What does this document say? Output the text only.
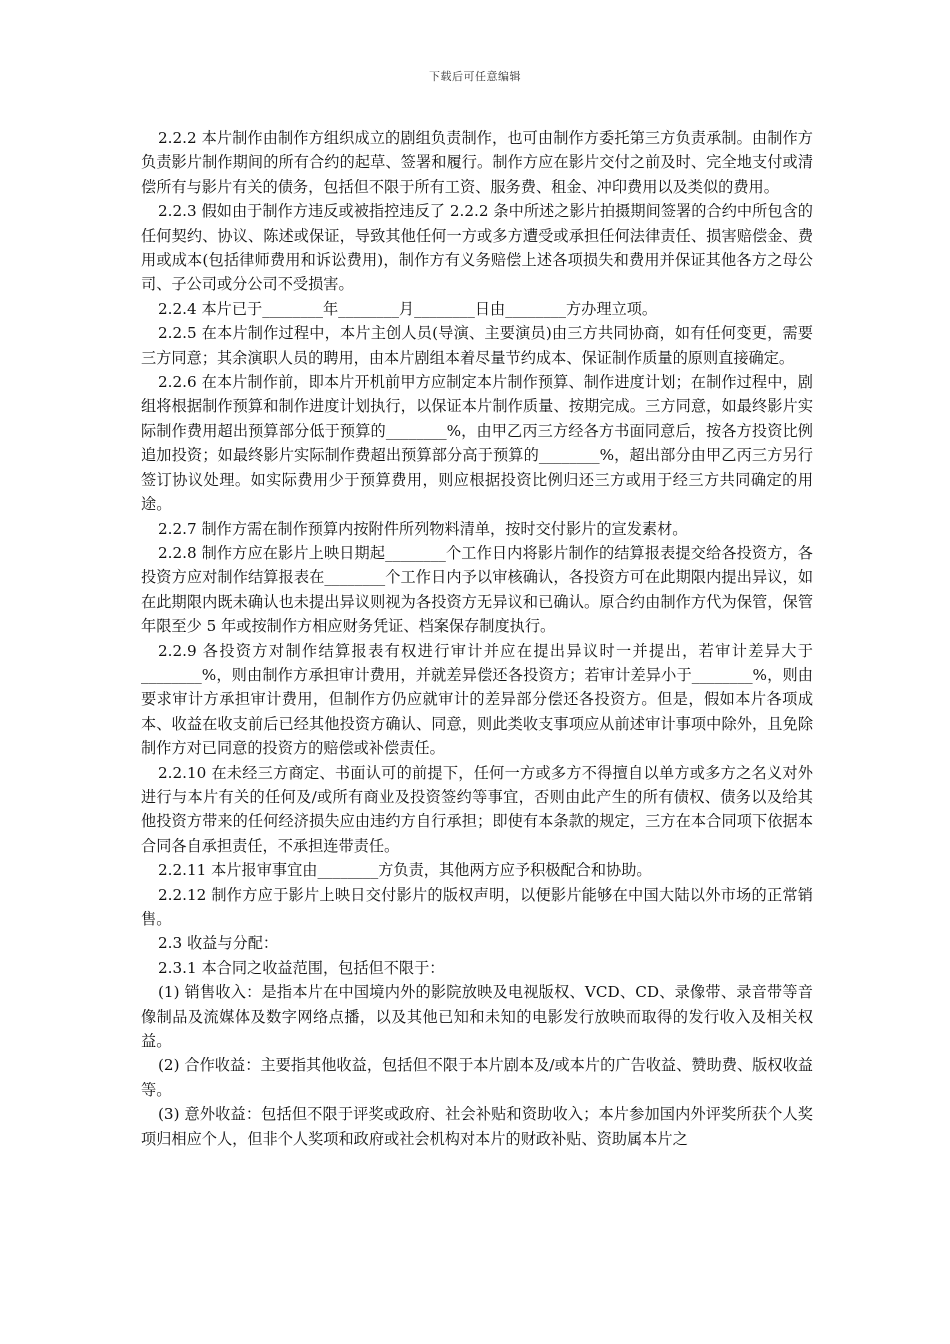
下载后可任意编辑

2.2.2 本片制作由制作方组织成立的剧组负责制作，也可由制作方委托第三方负责承制。由制作方负责影片制作期间的所有合约的起草、签署和履行。制作方应在影片交付之前及时、完全地支付或清偿所有与影片有关的债务，包括但不限于所有工资、服务费、租金、冲印费用以及类似的费用。

2.2.3 假如由于制作方违反或被指控违反了 2.2.2 条中所述之影片拍摄期间签署的合约中所包含的任何契约、协议、陈述或保证，导致其他任何一方或多方遭受或承担任何法律责任、损害赔偿金、费用或成本(包括律师费用和诉讼费用)，制作方有义务赔偿上述各项损失和费用并保证其他各方之母公司、子公司或分公司不受损害。

2.2.4 本片已于________年________月________日由________方办理立项。

2.2.5 在本片制作过程中，本片主创人员(导演、主要演员)由三方共同协商，如有任何变更，需要三方同意；其余演职人员的聘用，由本片剧组本着尽量节约成本、保证制作质量的原则直接确定。

2.2.6 在本片制作前，即本片开机前甲方应制定本片制作预算、制作进度计划；在制作过程中，剧组将根据制作预算和制作进度计划执行，以保证本片制作质量、按期完成。三方同意，如最终影片实际制作费用超出预算部分低于预算的________%，由甲乙丙三方经各方书面同意后，按各方投资比例追加投资；如最终影片实际制作费超出预算部分高于预算的________%，超出部分由甲乙丙三方另行签订协议处理。如实际费用少于预算费用，则应根据投资比例归还三方或用于经三方共同确定的用途。

2.2.7 制作方需在制作预算内按附件所列物料清单，按时交付影片的宣发素材。

2.2.8 制作方应在影片上映日期起________个工作日内将影片制作的结算报表提交给各投资方，各投资方应对制作结算报表在________个工作日内予以审核确认，各投资方可在此期限内提出异议，如在此期限内既未确认也未提出异议则视为各投资方无异议和已确认。原合约由制作方代为保管，保管年限至少 5 年或按制作方相应财务凭证、档案保存制度执行。

2.2.9 各投资方对制作结算报表有权进行审计并应在提出异议时一并提出，若审计差异大于________%，则由制作方承担审计费用，并就差异偿还各投资方；若审计差异小于________%，则由要求审计方承担审计费用，但制作方仍应就审计的差异部分偿还各投资方。但是，假如本片各项成本、收益在收支前后已经其他投资方确认、同意，则此类收支事项应从前述审计事项中除外，且免除制作方对已同意的投资方的赔偿或补偿责任。

2.2.10 在未经三方商定、书面认可的前提下，任何一方或多方不得擅自以单方或多方之名义对外进行与本片有关的任何及/或所有商业及投资签约等事宜，否则由此产生的所有债权、债务以及给其他投资方带来的任何经济损失应由违约方自行承担；即使有本条款的规定，三方在本合同项下依据本合同各自承担责任，不承担连带责任。

2.2.11 本片报审事宜由________方负责，其他两方应予积极配合和协助。

2.2.12 制作方应于影片上映日交付影片的版权声明，以便影片能够在中国大陆以外市场的正常销售。

2.3 收益与分配：

2.3.1 本合同之收益范围，包括但不限于：

(1) 销售收入：是指本片在中国境内外的影院放映及电视版权、VCD、CD、录像带、录音带等音像制品及流媒体及数字网络点播，以及其他已知和未知的电影发行放映而取得的发行收入及相关权益。

(2) 合作收益：主要指其他收益，包括但不限于本片剧本及/或本片的广告收益、赞助费、版权收益等。

(3) 意外收益：包括但不限于评奖或政府、社会补贴和资助收入；本片参加国内外评奖所获个人奖项归相应个人，但非个人奖项和政府或社会机构对本片的财政补贴、资助属本片之
